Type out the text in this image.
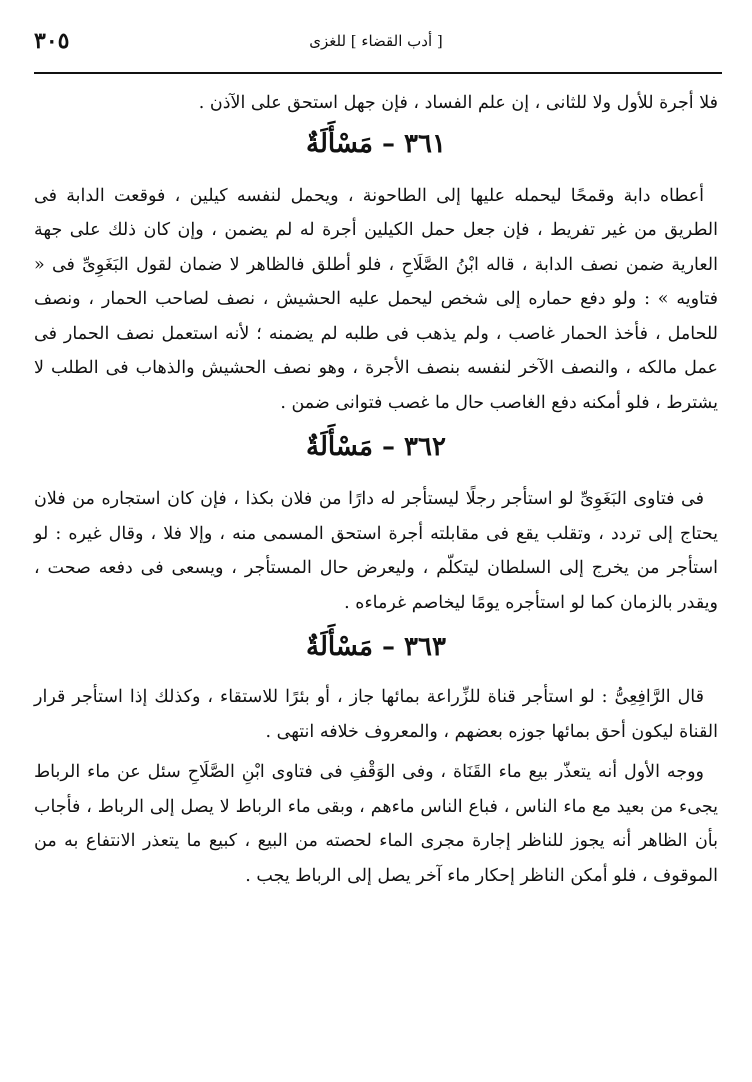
٣٠٥	[ أدب القضاء ] للغزى

فلا أجرة للأول ولا للثانى ، إن علم الفساد ، فإن جهل استحق على الآذن .

٣٦١ – مَسْأَلَةٌ

أعطاه دابة وقمحًا ليحمله عليها إلى الطاحونة ، ويحمل لنفسه كيلين ، فوقعت الدابة فى الطريق من غير تفريط ، فإن جعل حمل الكيلين أجرة له لم يضمن ، وإن كان ذلك على جهة العارية ضمن نصف الدابة ، قاله ابْنُ الصَّلَاحِ ، فلو أطلق فالظاهر لا ضمان لقول البَغَوِىِّ فى « فتاويه » : ولو دفع حماره إلى شخص ليحمل عليه الحشيش ، نصف لصاحب الحمار ، ونصف للحامل ، فأخذ الحمار غاصب ، ولم يذهب فى طلبه لم يضمنه ؛ لأنه استعمل نصف الحمار فى عمل مالكه ، والنصف الآخر لنفسه بنصف الأجرة ، وهو نصف الحشيش والذهاب فى الطلب لا يشترط ، فلو أمكنه دفع الغاصب حال ما غصب فتوانى ضمن .

٣٦٢ – مَسْأَلَةٌ

فى فتاوى البَغَوِىِّ لو استأجر رجلًا ليستأجر له دارًا من فلان بكذا ، فإن كان استجاره من فلان يحتاج إلى تردد ، وتقلب يقع فى مقابلته أجرة استحق المسمى منه ، وإلا فلا ، وقال غيره : لو استأجر من يخرج إلى السلطان ليتكلّم ، وليعرض حال المستأجر ، ويسعى فى دفعه صحت ، ويقدر بالزمان كما لو استأجره يومًا ليخاصم غرماءه .

٣٦٣ – مَسْأَلَةٌ

قال الرَّافِعِىُّ : لو استأجر قناة للزِّراعة بمائها جاز ، أو بئرًا للاستقاء ، وكذلك إذا استأجر قرار القناة ليكون أحق بمائها جوزه بعضهم ، والمعروف خلافه انتهى .

ووجه الأول أنه يتعذّر بيع ماء القَنَاة ، وفى الوَقْفِ فى فتاوى ابْنِ الصَّلَاحِ سئل عن ماء الرباط يجىء من بعيد مع ماء الناس ، فباع الناس ماءهم ، وبقى ماء الرباط لا يصل إلى الرباط ، فأجاب بأن الظاهر أنه يجوز للناظر إجارة مجرى الماء لحصته من البيع ، كبيع ما يتعذر الانتفاع به من الموقوف ، فلو أمكن الناظر إحكار ماء آخر يصل إلى الرباط يجب .
